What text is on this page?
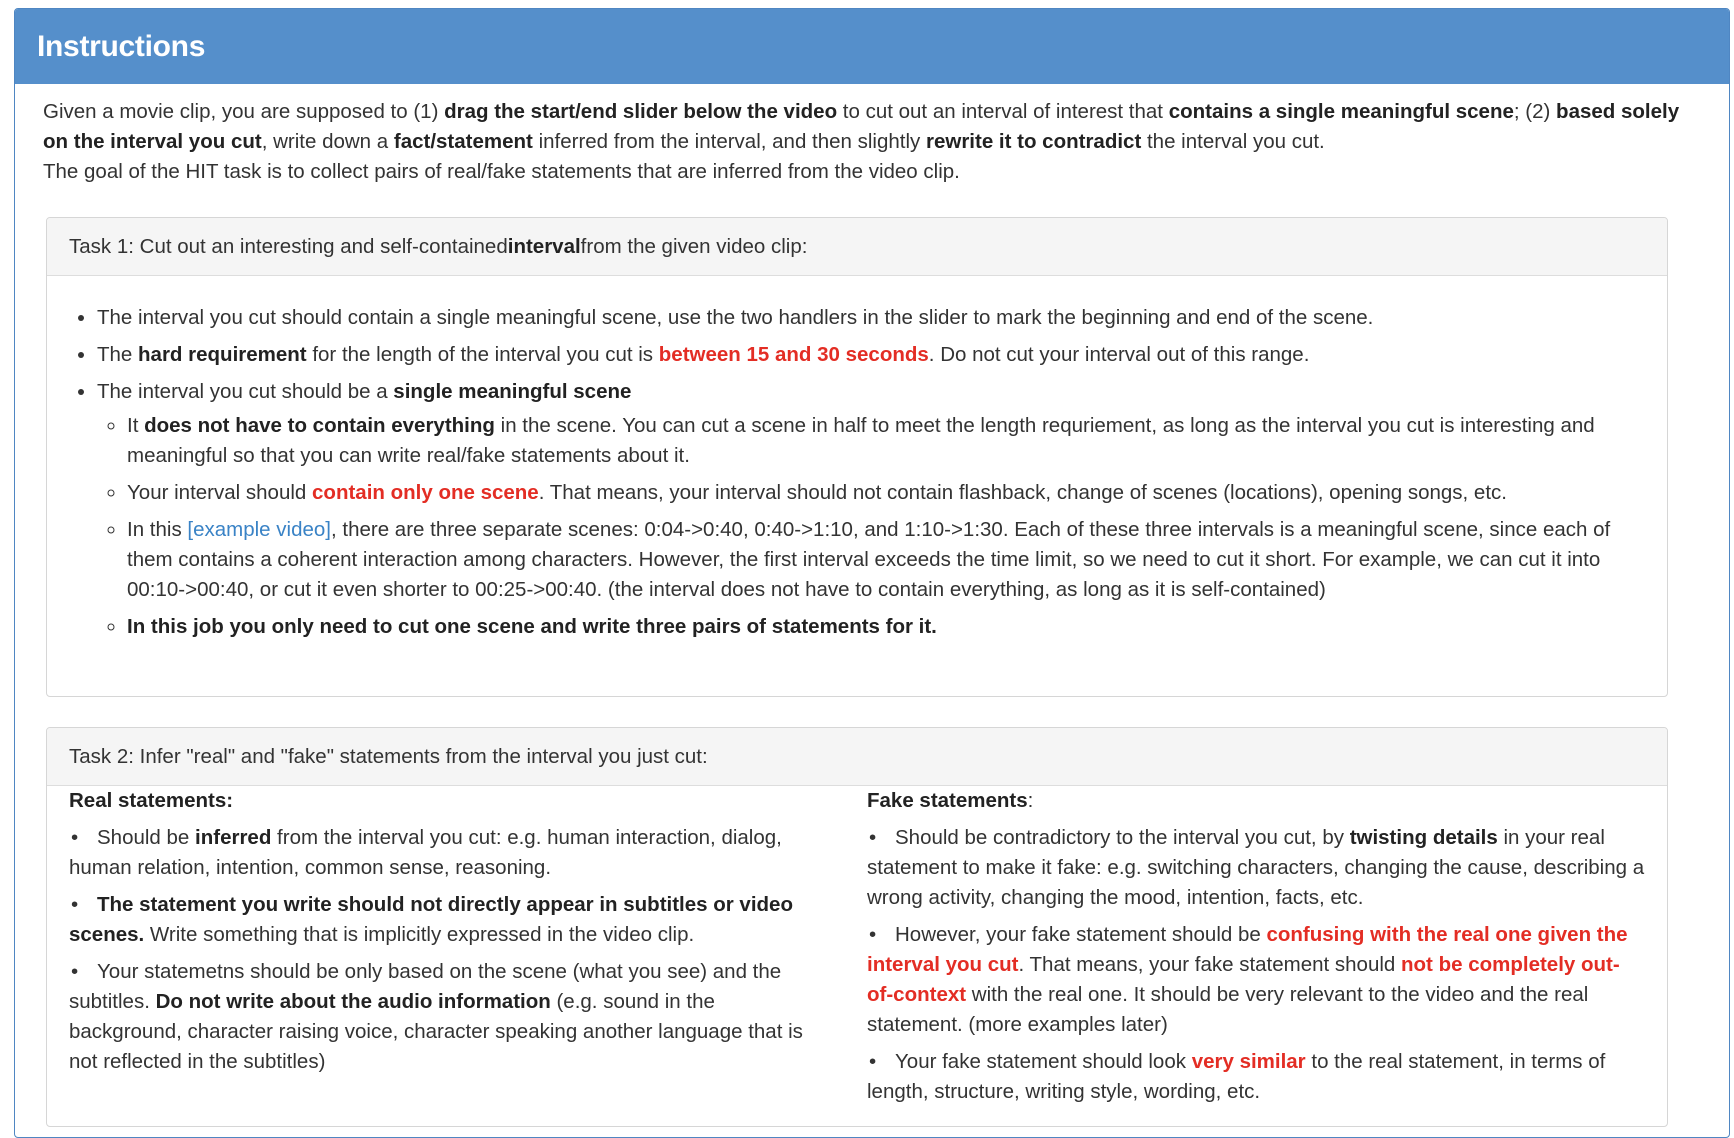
Instructions

Given a movie clip, you are supposed to (1) drag the start/end slider below the video to cut out an interval of interest that contains a single meaningful scene; (2) based solely on the interval you cut, write down a fact/statement inferred from the interval, and then slightly rewrite it to contradict the interval you cut.

The goal of the HIT task is to collect pairs of real/fake statements that are inferred from the video clip.

Task 1: Cut out an interesting and self-contained interval from the given video clip:
• The interval you cut should contain a single meaningful scene, use the two handlers in the slider to mark the beginning and end of the scene.
• The hard requirement for the length of the interval you cut is between 15 and 30 seconds. Do not cut your interval out of this range.
• The interval you cut should be a single meaningful scene
◦ It does not have to contain everything in the scene. You can cut a scene in half to meet the length requriement, as long as the interval you cut is interesting and meaningful so that you can write real/fake statements about it.
◦ Your interval should contain only one scene. That means, your interval should not contain flashback, change of scenes (locations), opening songs, etc.
◦ In this [example video], there are three separate scenes: 0:04->0:40, 0:40->1:10, and 1:10->1:30. Each of these three intervals is a meaningful scene, since each of them contains a coherent interaction among characters. However, the first interval exceeds the time limit, so we need to cut it short. For example, we can cut it into 00:10->00:40, or cut it even shorter to 00:25->00:40. (the interval does not have to contain everything, as long as it is self-contained)
◦ In this job you only need to cut one scene and write three pairs of statements for it.
Task 2: Infer "real" and "fake" statements from the interval you just cut:
Real statements:
• Should be inferred from the interval you cut: e.g. human interaction, dialog, human relation, intention, common sense, reasoning.
• The statement you write should not directly appear in subtitles or video scenes. Write something that is implicitly expressed in the video clip.
• Your statemetns should be only based on the scene (what you see) and the subtitles. Do not write about the audio information (e.g. sound in the background, character raising voice, character speaking another language that is not reflected in the subtitles)
Fake statements:
• Should be contradictory to the interval you cut, by twisting details in your real statement to make it fake: e.g. switching characters, changing the cause, describing a wrong activity, changing the mood, intention, facts, etc.
• However, your fake statement should be confusing with the real one given the interval you cut. That means, your fake statement should not be completely out-of-context with the real one. It should be very relevant to the video and the real statement. (more examples later)
• Your fake statement should look very similar to the real statement, in terms of length, structure, writing style, wording, etc.
